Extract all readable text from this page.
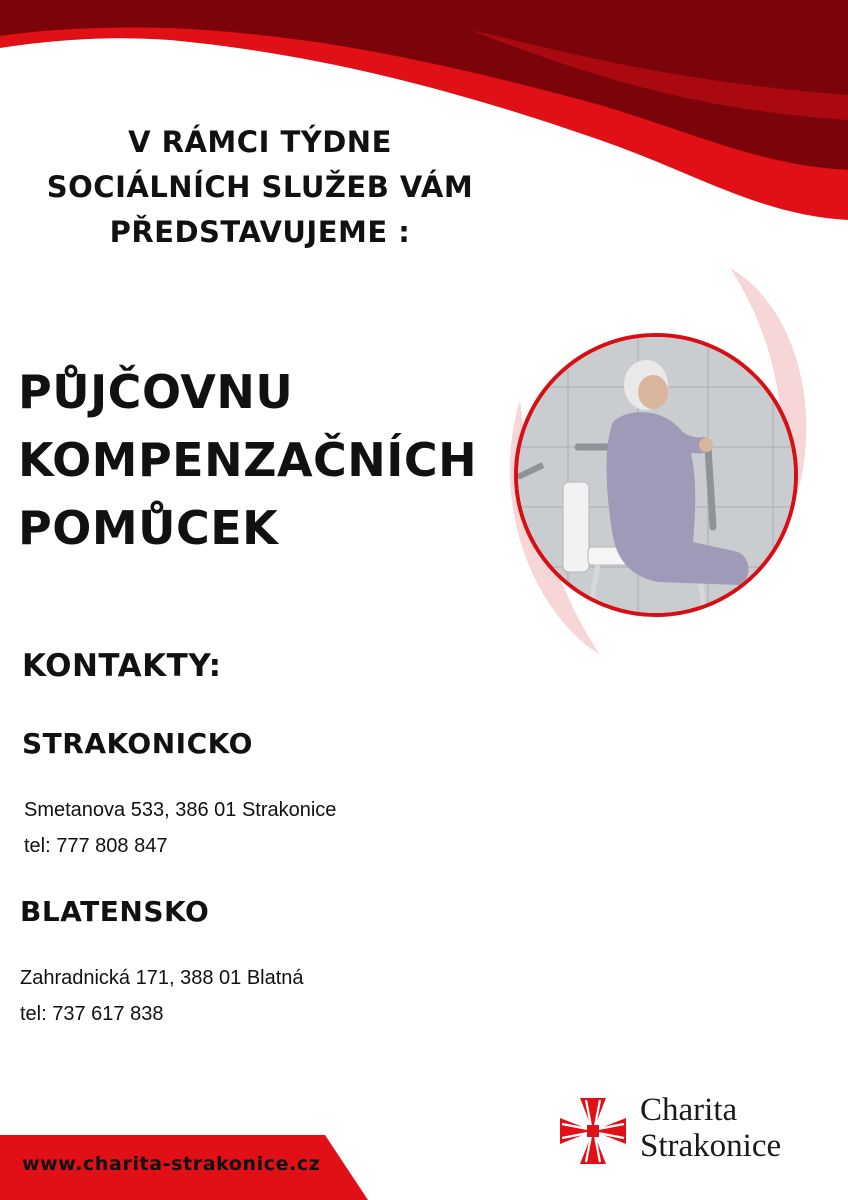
V RÁMCI TÝDNE
SOCIÁLNÍCH SLUŽEB VÁM
PŘEDSTAVUJEME :
PŮJČOVNU
KOMPENZAČNÍCH
POMŮCEK
KONTAKTY:
STRAKONICKO
Smetanova 533, 386 01 Strakonice
tel: 777 808 847
BLATENSKO
Zahradnická 171, 388 01 Blatná
tel: 737 617 838
www.charita-strakonice.cz
Charita
Strakonice
